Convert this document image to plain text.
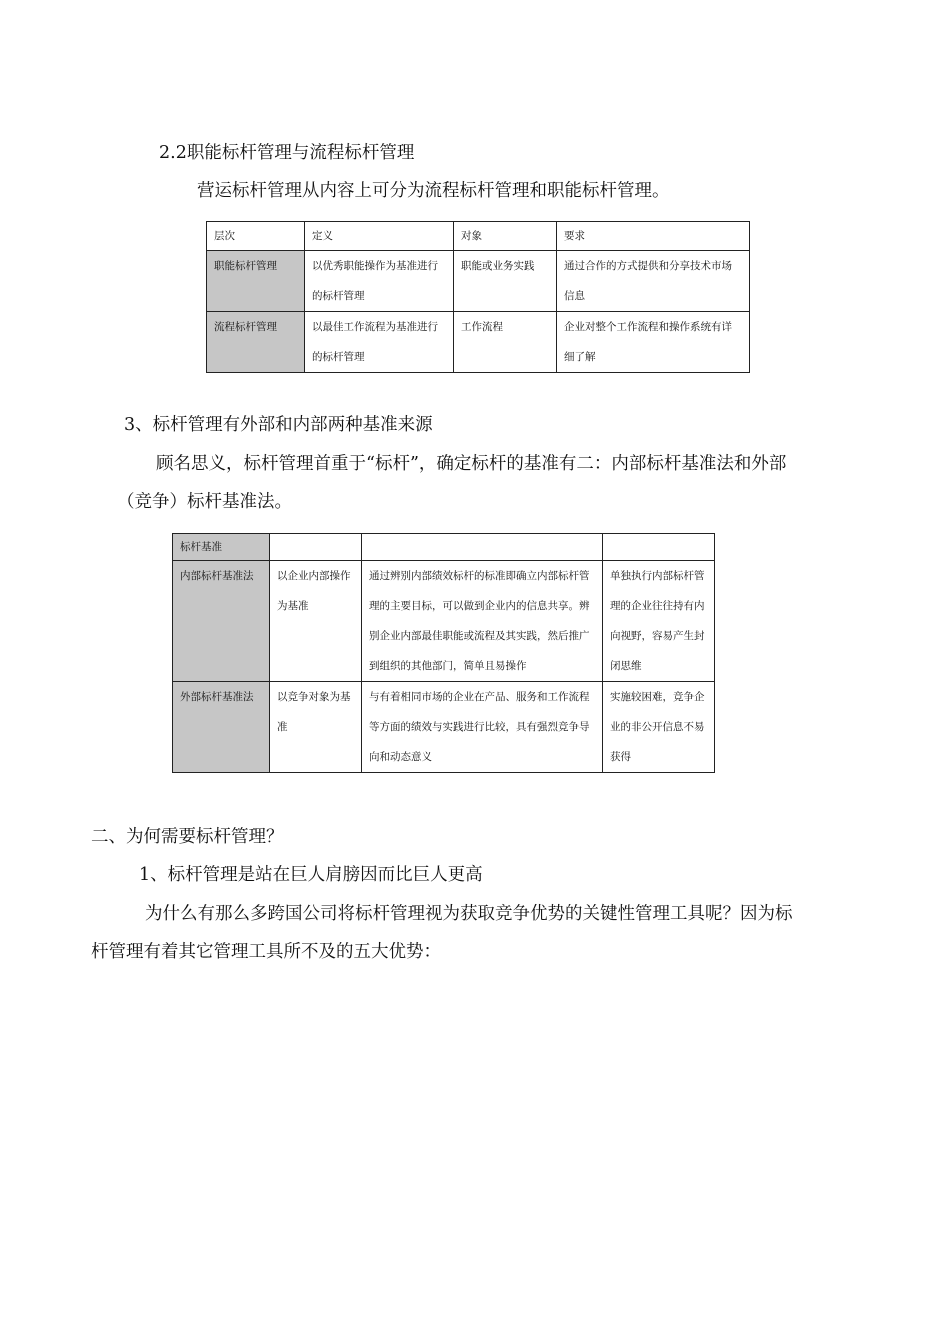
2.2职能标杆管理与流程标杆管理
营运标杆管理从内容上可分为流程标杆管理和职能标杆管理。
层次	定义	对象	要求
职能标杆管理	以优秀职能操作为基准进行的标杆管理	职能或业务实践	通过合作的方式提供和分享技术市场信息
流程标杆管理	以最佳工作流程为基准进行的标杆管理	工作流程	企业对整个工作流程和操作系统有详细了解
3、标杆管理有外部和内部两种基准来源
顾名思义，标杆管理首重于“标杆”，确定标杆的基准有二：内部标杆基准法和外部
（竞争）标杆基准法。
标杆基准			
内部标杆基准法	以企业内部操作为基准	通过辨别内部绩效标杆的标准即确立内部标杆管理的主要目标，可以做到企业内的信息共享。辨别企业内部最佳职能或流程及其实践，然后推广到组织的其他部门，简单且易操作	单独执行内部标杆管理的企业往往持有内向视野，容易产生封闭思维
外部标杆基准法	以竞争对象为基准	与有着相同市场的企业在产品、服务和工作流程等方面的绩效与实践进行比较，具有强烈竞争导向和动态意义	实施较困难，竞争企业的非公开信息不易获得
二、为何需要标杆管理？
1、标杆管理是站在巨人肩膀因而比巨人更高
为什么有那么多跨国公司将标杆管理视为获取竞争优势的关键性管理工具呢？因为标
杆管理有着其它管理工具所不及的五大优势：
